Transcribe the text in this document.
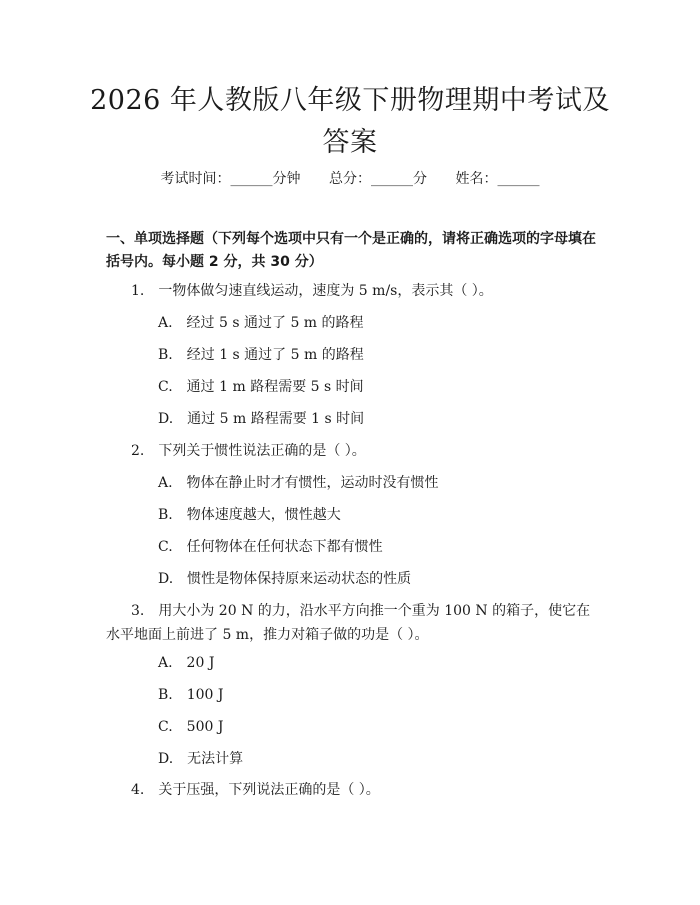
2026 年人教版八年级下册物理期中考试及答案
考试时间：______分钟 总分：______分 姓名：______
一、单项选择题（下列每个选项中只有一个是正确的，请将正确选项的字母填在括号内。每小题 2 分，共 30 分）
1.　一物体做匀速直线运动，速度为 5 m/s，表示其（ ）。
A.　经过 5 s 通过了 5 m 的路程
B.　经过 1 s 通过了 5 m 的路程
C.　通过 1 m 路程需要 5 s 时间
D.　通过 5 m 路程需要 1 s 时间
2.　下列关于惯性说法正确的是（ ）。
A.　物体在静止时才有惯性，运动时没有惯性
B.　物体速度越大，惯性越大
C.　任何物体在任何状态下都有惯性
D.　惯性是物体保持原来运动状态的性质
3.　用大小为 20 N 的力，沿水平方向推一个重为 100 N 的箱子，使它在水平地面上前进了 5 m，推力对箱子做的功是（ ）。
A.　20 J
B.　100 J
C.　500 J
D.　无法计算
4.　关于压强，下列说法正确的是（ ）。
